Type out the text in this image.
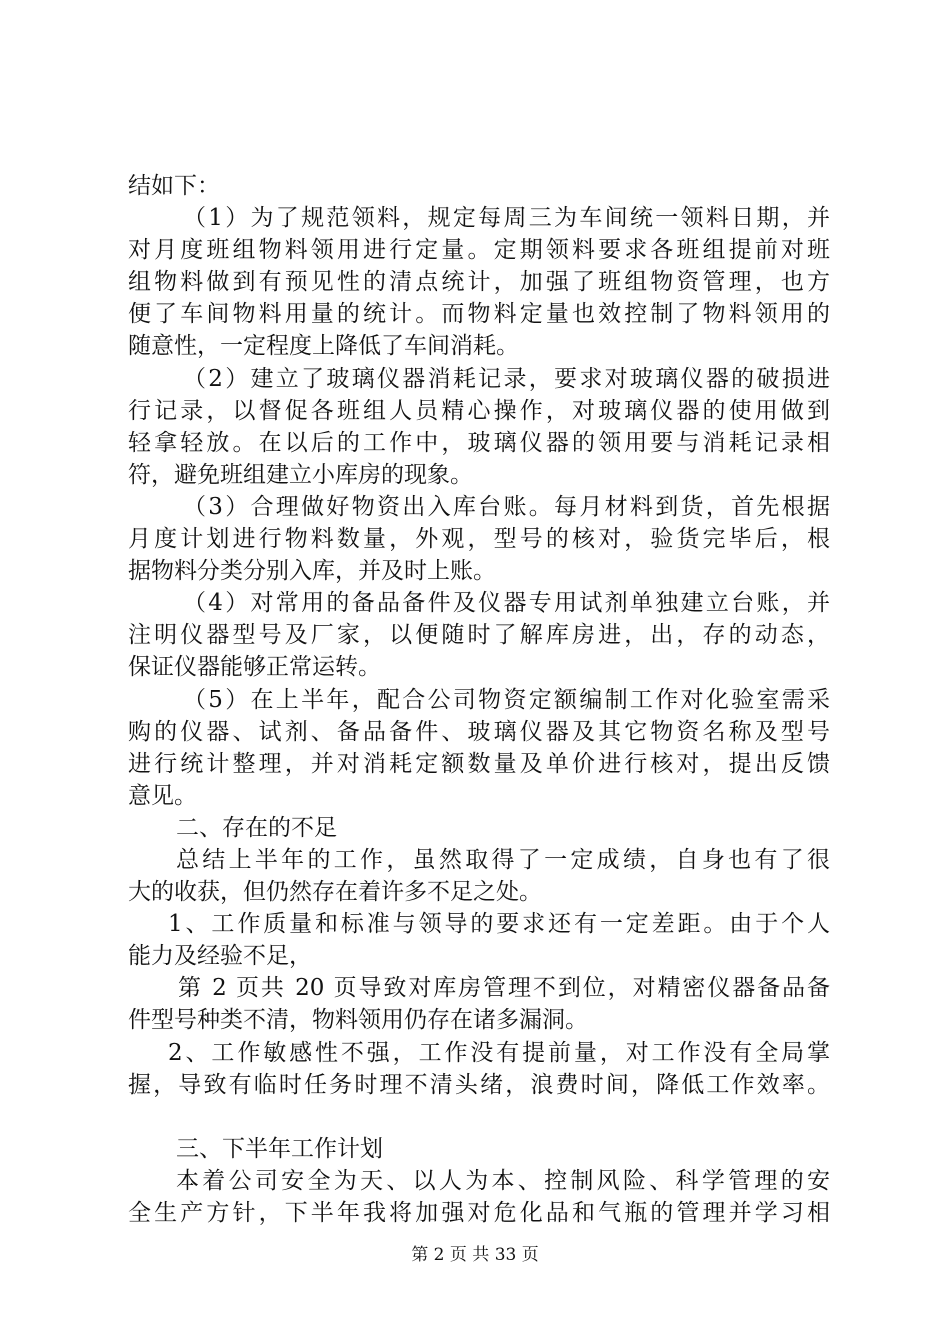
结如下：
（1）为了规范领料，规定每周三为车间统一领料日期，并
对月度班组物料领用进行定量。定期领料要求各班组提前对班
组物料做到有预见性的清点统计，加强了班组物资管理，也方
便了车间物料用量的统计。而物料定量也效控制了物料领用的
随意性，一定程度上降低了车间消耗。
（2）建立了玻璃仪器消耗记录，要求对玻璃仪器的破损进
行记录，以督促各班组人员精心操作，对玻璃仪器的使用做到
轻拿轻放。在以后的工作中，玻璃仪器的领用要与消耗记录相
符，避免班组建立小库房的现象。
（3）合理做好物资出入库台账。每月材料到货，首先根据
月度计划进行物料数量，外观，型号的核对，验货完毕后，根
据物料分类分别入库，并及时上账。
（4）对常用的备品备件及仪器专用试剂单独建立台账，并
注明仪器型号及厂家，以便随时了解库房进，出，存的动态，
保证仪器能够正常运转。
（5）在上半年，配合公司物资定额编制工作对化验室需采
购的仪器、试剂、备品备件、玻璃仪器及其它物资名称及型号
进行统计整理，并对消耗定额数量及单价进行核对，提出反馈
意见。
二、存在的不足
总结上半年的工作，虽然取得了一定成绩，自身也有了很
大的收获，但仍然存在着许多不足之处。
1、工作质量和标准与领导的要求还有一定差距。由于个人
能力及经验不足，
第 2 页共 20 页导致对库房管理不到位，对精密仪器备品备
件型号种类不清，物料领用仍存在诸多漏洞。
2、工作敏感性不强，工作没有提前量，对工作没有全局掌
握，导致有临时任务时理不清头绪，浪费时间，降低工作效率。
三、下半年工作计划
本着公司安全为天、以人为本、控制风险、科学管理的安
全生产方针，下半年我将加强对危化品和气瓶的管理并学习相
第 2 页 共 33 页
